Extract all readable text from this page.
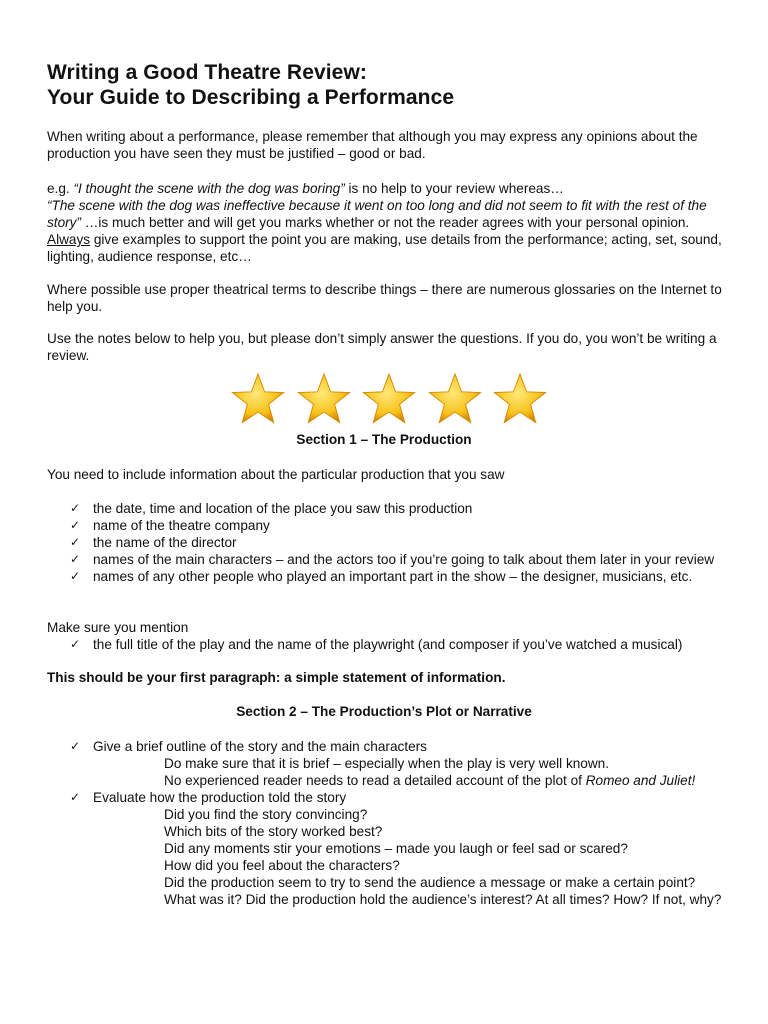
Writing a Good Theatre Review:
Your Guide to Describing a Performance
When writing about a performance, please remember that although you may express any opinions about the production you have seen they must be justified – good or bad.
e.g. “I thought the scene with the dog was boring” is no help to your review whereas…
“The scene with the dog was ineffective because it went on too long and did not seem to fit with the rest of the story” …is much better and will get you marks whether or not the reader agrees with your personal opinion. Always give examples to support the point you are making, use details from the performance; acting, set, sound, lighting, audience response, etc…
Where possible use proper theatrical terms to describe things – there are numerous glossaries on the Internet to help you.
Use the notes below to help you, but please don’t simply answer the questions. If you do, you won’t be writing a review.
Section 1 – The Production
You need to include information about the particular production that you saw
✓ the date, time and location of the place you saw this production
✓ name of the theatre company
✓ the name of the director
✓ names of the main characters – and the actors too if you’re going to talk about them later in your review
✓ names of any other people who played an important part in the show – the designer, musicians, etc.
Make sure you mention
✓ the full title of the play and the name of the playwright (and composer if you’ve watched a musical)
This should be your first paragraph: a simple statement of information.
Section 2 – The Production’s Plot or Narrative
✓ Give a brief outline of the story and the main characters
Do make sure that it is brief – especially when the play is very well known.
No experienced reader needs to read a detailed account of the plot of Romeo and Juliet!
✓ Evaluate how the production told the story
Did you find the story convincing?
Which bits of the story worked best?
Did any moments stir your emotions – made you laugh or feel sad or scared?
How did you feel about the characters?
Did the production seem to try to send the audience a message or make a certain point?
What was it? Did the production hold the audience’s interest? At all times? How? If not, why?
